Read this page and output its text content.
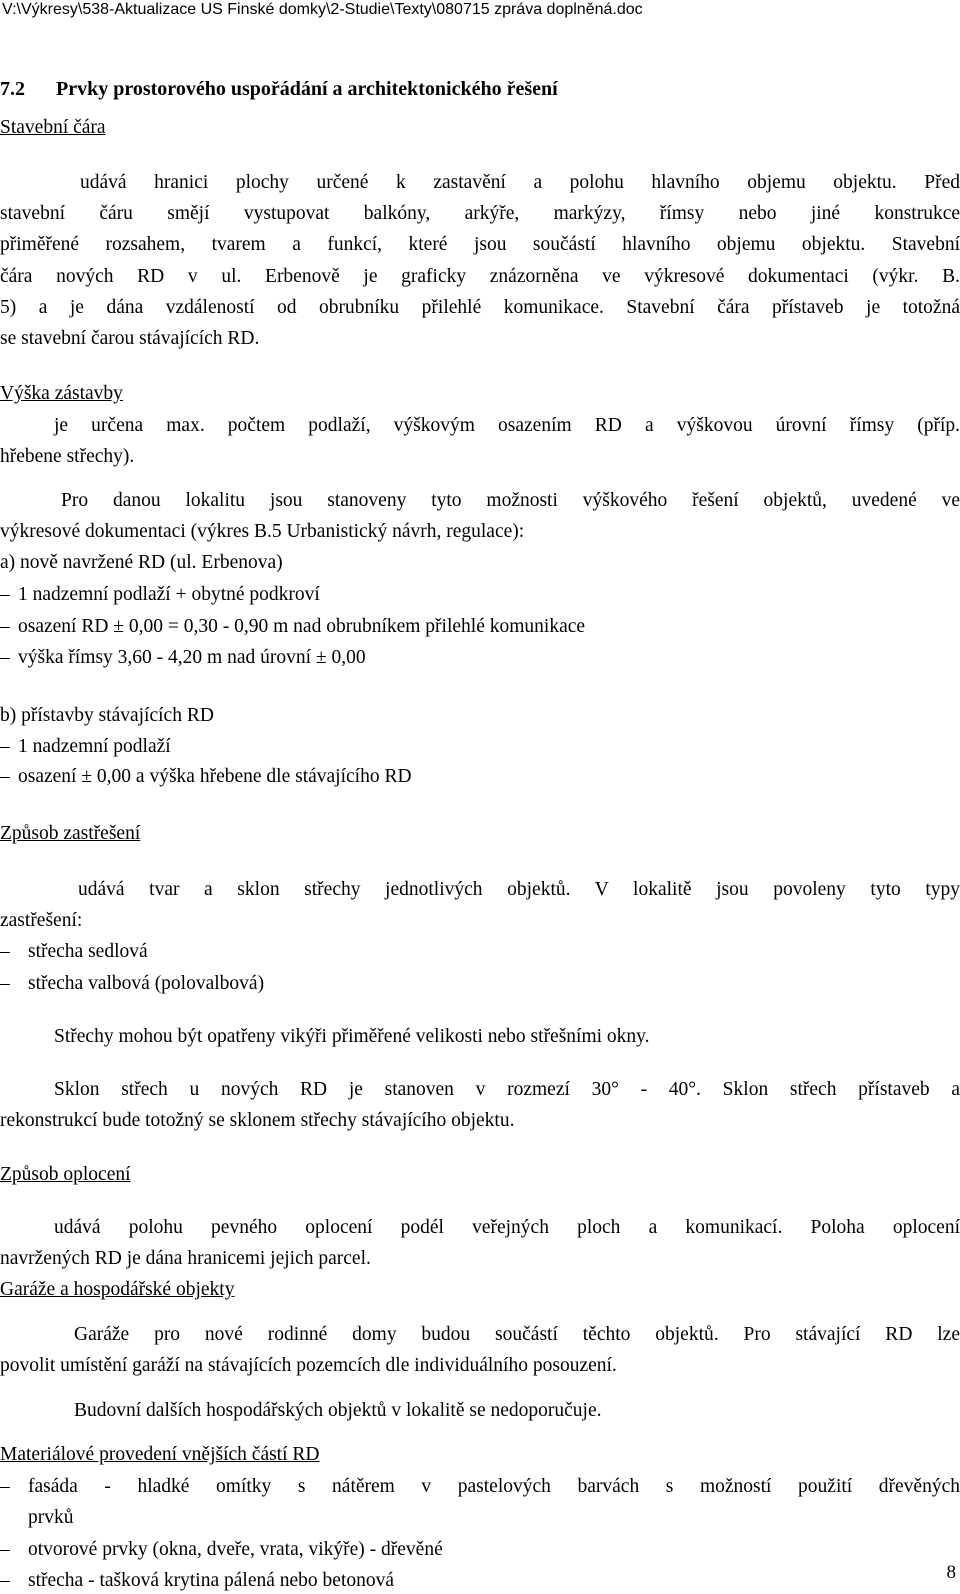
V:\Výkresy\538-Aktualizace US Finské domky\2-Studie\Texty\080715 zpráva doplněná.doc
7.2 Prvky prostorového uspořádání a architektonického řešení
Stavební čára
udává hranici plochy určené k zastavění a polohu hlavního objemu objektu. Před
stavební čáru smějí vystupovat balkóny, arkýře, markýzy, římsy nebo jiné konstrukce
přiměřené rozsahem, tvarem a funkcí, které jsou součástí hlavního objemu objektu. Stavební
čára nových RD v ul. Erbenově je graficky znázorněna ve výkresové dokumentaci (výkr. B.
5) a je dána vzdáleností od obrubníku přilehlé komunikace. Stavební čára přístaveb je totožná
se stavební čarou stávajících RD.
Výška zástavby
je určena max. počtem podlaží, výškovým osazením RD a výškovou úrovní římsy (příp.
hřebene střechy).
Pro danou lokalitu jsou stanoveny tyto možnosti výškového řešení objektů, uvedené ve
výkresové dokumentaci (výkres B.5 Urbanistický návrh, regulace):
a) nově navržené RD (ul. Erbenova)
– 1 nadzemní podlaží + obytné podkroví
– osazení RD ± 0,00 = 0,30 - 0,90 m nad obrubníkem přilehlé komunikace
– výška římsy 3,60 - 4,20 m nad úrovní ± 0,00
b) přístavby stávajících RD
– 1 nadzemní podlaží
– osazení ± 0,00 a výška hřebene dle stávajícího RD
Způsob zastřešení
udává tvar a sklon střechy jednotlivých objektů. V lokalitě jsou povoleny tyto typy
zastřešení:
– střecha sedlová
– střecha valbová (polovalbová)
Střechy mohou být opatřeny vikýři přiměřené velikosti nebo střešními okny.
Sklon střech u nových RD je stanoven v rozmezí 30° - 40°. Sklon střech přístaveb a
rekonstrukcí bude totožný se sklonem střechy stávajícího objektu.
Způsob oplocení
udává polohu pevného oplocení podél veřejných ploch a komunikací. Poloha oplocení
navržených RD je dána hranicemi jejich parcel.
Garáže a hospodářské objekty
Garáže pro nové rodinné domy budou součástí těchto objektů. Pro stávající RD lze
povolit umístění garáží na stávajících pozemcích dle individuálního posouzení.
Budovní dalších hospodářských objektů v lokalitě se nedoporučuje.
Materiálové provedení vnějších částí RD
– fasáda - hladké omítky s nátěrem v pastelových barvách s možností použití dřevěných
prvků
– otvorové prvky (okna, dveře, vrata, vikýře) - dřevěné
– střecha - tašková krytina pálená nebo betonová	8
